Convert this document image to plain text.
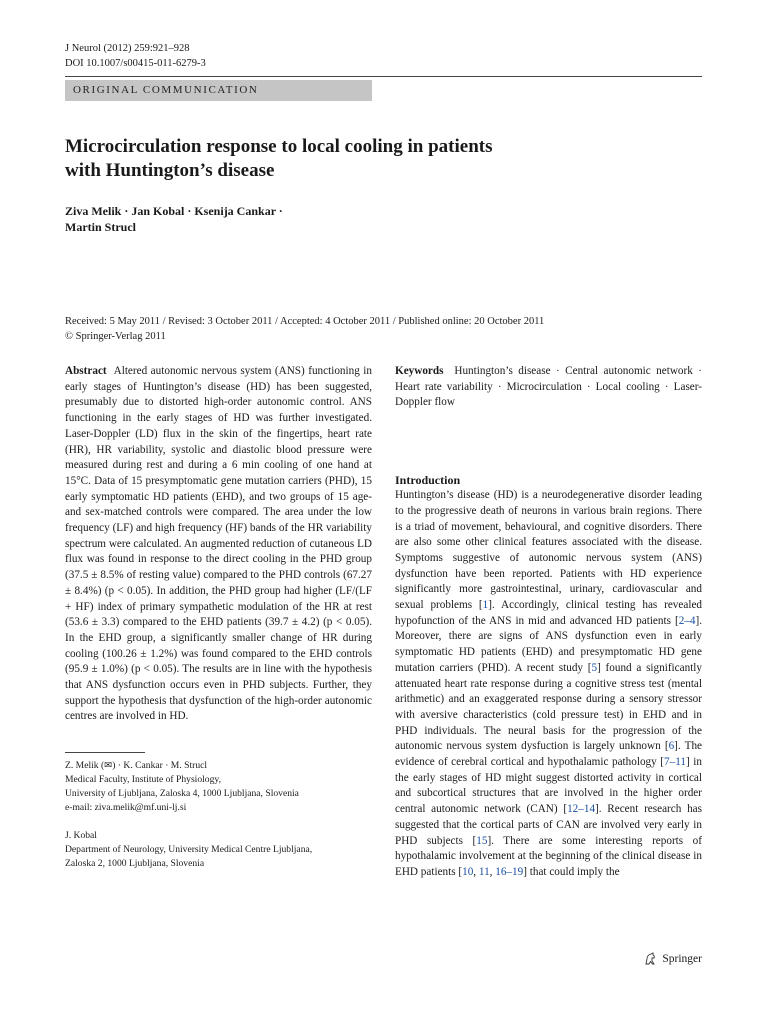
J Neurol (2012) 259:921–928
DOI 10.1007/s00415-011-6279-3
ORIGINAL COMMUNICATION
Microcirculation response to local cooling in patients
with Huntington’s disease
Ziva Melik · Jan Kobal · Ksenija Cankar ·
Martin Strucl
Received: 5 May 2011 / Revised: 3 October 2011 / Accepted: 4 October 2011 / Published online: 20 October 2011
© Springer-Verlag 2011

Abstract Altered autonomic nervous system (ANS) functioning in early stages of Huntington’s disease (HD) has been suggested, presumably due to distorted high-order autonomic control. ANS functioning in the early stages of HD was further investigated. Laser-Doppler (LD) flux in the skin of the fingertips, heart rate (HR), HR variability, systolic and diastolic blood pressure were measured during rest and during a 6 min cooling of one hand at 15°C. Data of 15 presymptomatic gene mutation carriers (PHD), 15 early symptomatic HD patients (EHD), and two groups of 15 age- and sex-matched controls were compared. The area under the low frequency (LF) and high frequency (HF) bands of the HR variability spectrum were calculated. An augmented reduction of cutaneous LD flux was found in response to the direct cooling in the PHD group (37.5 ± 8.5% of resting value) compared to the PHD controls (67.27 ± 8.4%) (p < 0.05). In addition, the PHD group had higher (LF/(LF + HF) index of primary sympathetic modulation of the HR at rest (53.6 ± 3.3) compared to the EHD patients (39.7 ± 4.2) (p < 0.05). In the EHD group, a significantly smaller change of HR during cooling (100.26 ± 1.2%) was found compared to the EHD controls (95.9 ± 1.0%) (p < 0.05). The results are in line with the hypothesis that ANS dysfunction occurs even in PHD subjects. Further, they support the hypothesis that dysfunction of the high-order autonomic centres are involved in HD.

Z. Melik (✉) · K. Cankar · M. Strucl
Medical Faculty, Institute of Physiology,
University of Ljubljana, Zaloska 4, 1000 Ljubljana, Slovenia
e-mail: ziva.melik@mf.uni-lj.si
J. Kobal
Department of Neurology, University Medical Centre Ljubljana,
Zaloska 2, 1000 Ljubljana, Slovenia

Keywords Huntington’s disease · Central autonomic network · Heart rate variability · Microcirculation · Local cooling · Laser-Doppler flow

Introduction

Huntington’s disease (HD) is a neurodegenerative disorder leading to the progressive death of neurons in various brain regions. There is a triad of movement, behavioural, and cognitive disorders. There are also some other clinical features associated with the disease. Symptoms suggestive of autonomic nervous system (ANS) dysfunction have been reported. Patients with HD experience significantly more gastrointestinal, urinary, cardiovascular and sexual problems [1]. Accordingly, clinical testing has revealed hypofunction of the ANS in mid and advanced HD patients [2–4]. Moreover, there are signs of ANS dysfunction even in early symptomatic HD patients (EHD) and presymptomatic HD gene mutation carriers (PHD). A recent study [5] found a significantly attenuated heart rate response during a cognitive stress test (mental arithmetic) and an exaggerated response during a sensory stressor with aversive characteristics (cold pressure test) in EHD and in PHD individuals. The neural basis for the progression of the autonomic nervous system dysfuction is largely unknown [6]. The evidence of cerebral cortical and hypothalamic pathology [7–11] in the early stages of HD might suggest distorted activity in cortical and subcortical structures that are involved in the higher order central autonomic network (CAN) [12–14]. Recent research has suggested that the cortical parts of CAN are involved very early in PHD subjects [15]. There are some interesting reports of hypothalamic involvement at the beginning of the clinical disease in EHD patients [10, 11, 16–19] that could imply the

Springer
